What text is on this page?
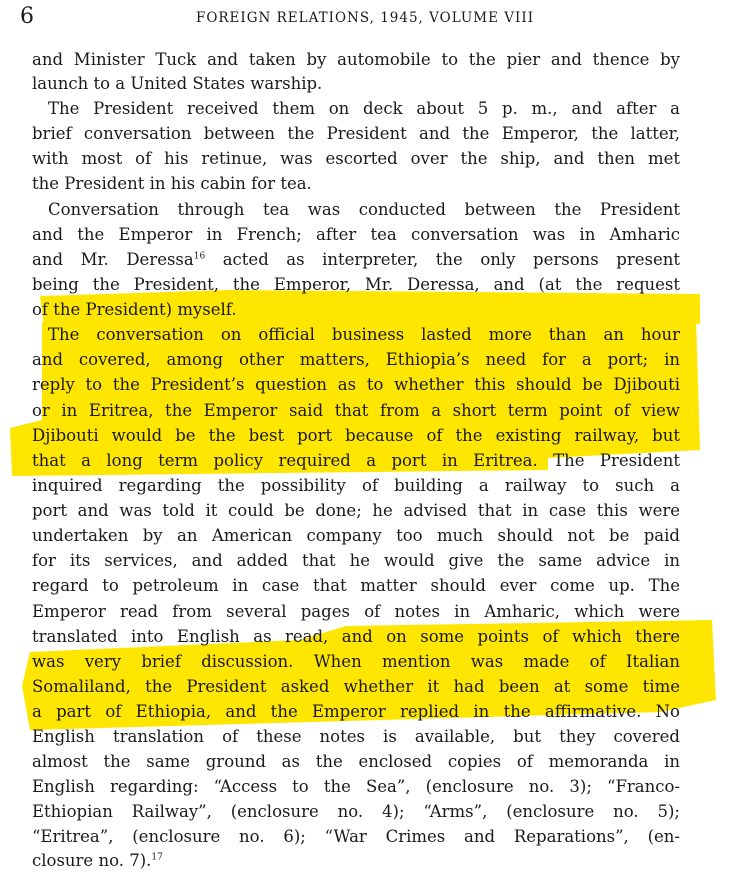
6	FOREIGN RELATIONS, 1945, VOLUME VIII
and Minister Tuck and taken by automobile to the pier and thence by
launch to a United States warship.
The President received them on deck about 5 p. m., and after a
brief conversation between the President and the Emperor, the latter,
with most of his retinue, was escorted over the ship, and then met
the President in his cabin for tea.
Conversation through tea was conducted between the President
and the Emperor in French; after tea conversation was in Amharic
and Mr. Deressa$^{16}$ acted as interpreter, the only persons present
being the President, the Emperor, Mr. Deressa, and (at the request
of the President) myself.
The conversation on official business lasted more than an hour
and covered, among other matters, Ethiopia’s need for a port; in
reply to the President’s question as to whether this should be Djibouti
or in Eritrea, the Emperor said that from a short term point of view
Djibouti would be the best port because of the existing railway, but
that a long term policy required a port in Eritrea. The President
inquired regarding the possibility of building a railway to such a
port and was told it could be done; he advised that in case this were
undertaken by an American company too much should not be paid
for its services, and added that he would give the same advice in
regard to petroleum in case that matter should ever come up. The
Emperor read from several pages of notes in Amharic, which were
translated into English as read, and on some points of which there
was very brief discussion. When mention was made of Italian
Somaliland, the President asked whether it had been at some time
a part of Ethiopia, and the Emperor replied in the affirmative. No
English translation of these notes is available, but they covered
almost the same ground as the enclosed copies of memoranda in
English regarding: “Access to the Sea”, (enclosure no. 3); “Franco-
Ethiopian Railway”, (enclosure no. 4); “Arms”, (enclosure no. 5);
“Eritrea”, (enclosure no. 6); “War Crimes and Reparations”, (en-
closure no. 7).$^{17}$
